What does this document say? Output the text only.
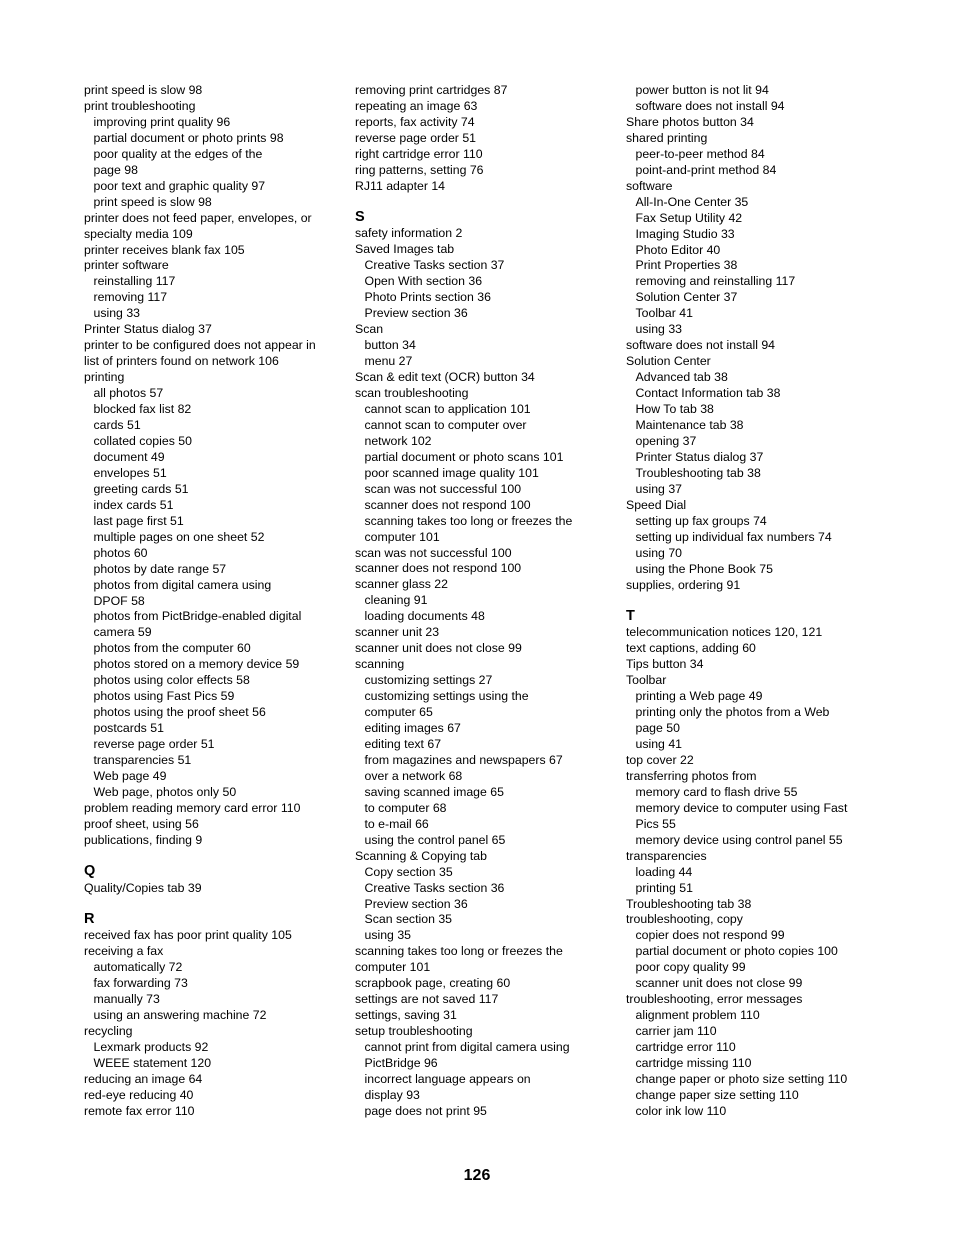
print speed is slow 98
print troubleshooting
improving print quality 96
partial document or photo prints 98
poor quality at the edges of the
page 98
poor text and graphic quality 97
print speed is slow 98
printer does not feed paper, envelopes, or
specialty media 109
printer receives blank fax 105
printer software
reinstalling 117
removing 117
using 33
Printer Status dialog 37
printer to be configured does not appear in
list of printers found on network 106
printing
all photos 57
blocked fax list 82
cards 51
collated copies 50
document 49
envelopes 51
greeting cards 51
index cards 51
last page first 51
multiple pages on one sheet 52
photos 60
photos by date range 57
photos from digital camera using
DPOF 58
photos from PictBridge-enabled digital
camera 59
photos from the computer 60
photos stored on a memory device 59
photos using color effects 58
photos using Fast Pics 59
photos using the proof sheet 56
postcards 51
reverse page order 51
transparencies 51
Web page 49
Web page, photos only 50
problem reading memory card error 110
proof sheet, using 56
publications, finding 9
Q
Quality/Copies tab 39
R
received fax has poor print quality 105
receiving a fax
automatically 72
fax forwarding 73
manually 73
using an answering machine 72
recycling
Lexmark products 92
WEEE statement 120
reducing an image 64
red-eye reducing 40
remote fax error 110
removing print cartridges 87
repeating an image 63
reports, fax activity 74
reverse page order 51
right cartridge error 110
ring patterns, setting 76
RJ11 adapter 14
S
safety information 2
Saved Images tab
Creative Tasks section 37
Open With section 36
Photo Prints section 36
Preview section 36
Scan
button 34
menu 27
Scan & edit text (OCR) button 34
scan troubleshooting
cannot scan to application 101
cannot scan to computer over
network 102
partial document or photo scans 101
poor scanned image quality 101
scan was not successful 100
scanner does not respond 100
scanning takes too long or freezes the
computer 101
scan was not successful 100
scanner does not respond 100
scanner glass 22
cleaning 91
loading documents 48
scanner unit 23
scanner unit does not close 99
scanning
customizing settings 27
customizing settings using the
computer 65
editing images 67
editing text 67
from magazines and newspapers 67
over a network 68
saving scanned image 65
to computer 68
to e-mail 66
using the control panel 65
Scanning & Copying tab
Copy section 35
Creative Tasks section 36
Preview section 36
Scan section 35
using 35
scanning takes too long or freezes the
computer 101
scrapbook page, creating 60
settings are not saved 117
settings, saving 31
setup troubleshooting
cannot print from digital camera using
PictBridge 96
incorrect language appears on
display 93
page does not print 95
power button is not lit 94
software does not install 94
Share photos button 34
shared printing
peer-to-peer method 84
point-and-print method 84
software
All-In-One Center 35
Fax Setup Utility 42
Imaging Studio 33
Photo Editor 40
Print Properties 38
removing and reinstalling 117
Solution Center 37
Toolbar 41
using 33
software does not install 94
Solution Center
Advanced tab 38
Contact Information tab 38
How To tab 38
Maintenance tab 38
opening 37
Printer Status dialog 37
Troubleshooting tab 38
using 37
Speed Dial
setting up fax groups 74
setting up individual fax numbers 74
using 70
using the Phone Book 75
supplies, ordering 91
T
telecommunication notices 120, 121
text captions, adding 60
Tips button 34
Toolbar
printing a Web page 49
printing only the photos from a Web
page 50
using 41
top cover 22
transferring photos from
memory card to flash drive 55
memory device to computer using Fast
Pics 55
memory device using control panel 55
transparencies
loading 44
printing 51
Troubleshooting tab 38
troubleshooting, copy
copier does not respond 99
partial document or photo copies 100
poor copy quality 99
scanner unit does not close 99
troubleshooting, error messages
alignment problem 110
carrier jam 110
cartridge error 110
cartridge missing 110
change paper or photo size setting 110
change paper size setting 110
color ink low 110
126
